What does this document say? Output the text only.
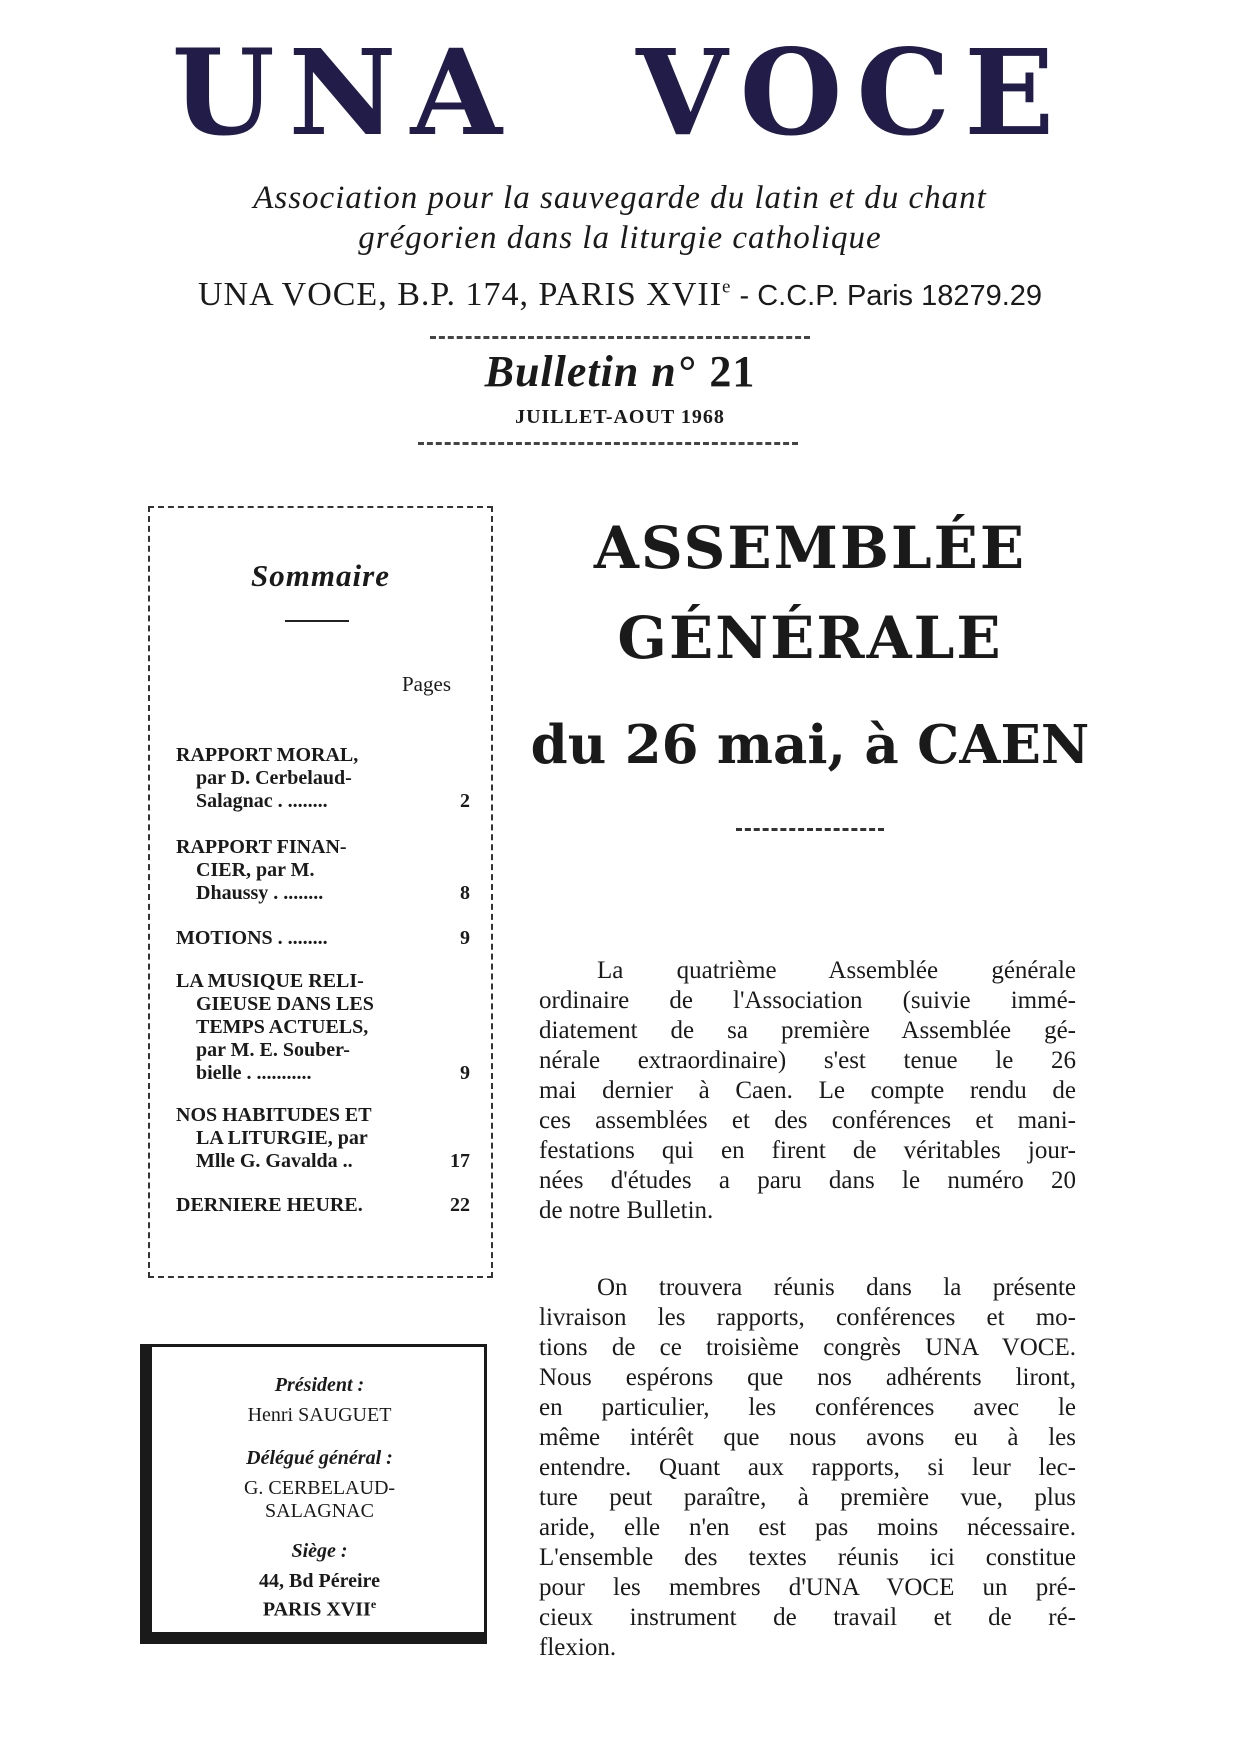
UNA VOCE
Association pour la sauvegarde du latin et du chant
grégorien dans la liturgie catholique
UNA VOCE, B.P. 174, PARIS XVIIe - C.C.P. Paris 18279.29
Bulletin n° 21
JUILLET-AOUT 1968
Sommaire
Pages
RAPPORT MORAL,
par D. Cerbelaud-
Salagnac . ........	2
RAPPORT FINAN-
CIER, par M.
Dhaussy . ........	8
MOTIONS . ........	9
LA MUSIQUE RELI-
GIEUSE DANS LES
TEMPS ACTUELS,
par M. E. Souber-
bielle . ...........	9
NOS HABITUDES ET
LA LITURGIE, par
Mlle G. Gavalda ..	17
DERNIERE HEURE.	22
Président :
Henri SAUGUET
Délégué général :
G. CERBELAUD-
SALAGNAC
Siège :
44, Bd Péreire
PARIS XVIIe
ASSEMBLÉE
GÉNÉRALE
du 26 mai, à CAEN
La quatrième Assemblée générale
ordinaire de l'Association (suivie immé-
diatement de sa première Assemblée gé-
nérale extraordinaire) s'est tenue le 26
mai dernier à Caen. Le compte rendu de
ces assemblées et des conférences et mani-
festations qui en firent de véritables jour-
nées d'études a paru dans le numéro 20
de notre Bulletin.
On trouvera réunis dans la présente
livraison les rapports, conférences et mo-
tions de ce troisième congrès UNA VOCE.
Nous espérons que nos adhérents liront,
en particulier, les conférences avec le
même intérêt que nous avons eu à les
entendre. Quant aux rapports, si leur lec-
ture peut paraître, à première vue, plus
aride, elle n'en est pas moins nécessaire.
L'ensemble des textes réunis ici constitue
pour les membres d'UNA VOCE un pré-
cieux instrument de travail et de ré-
flexion.
